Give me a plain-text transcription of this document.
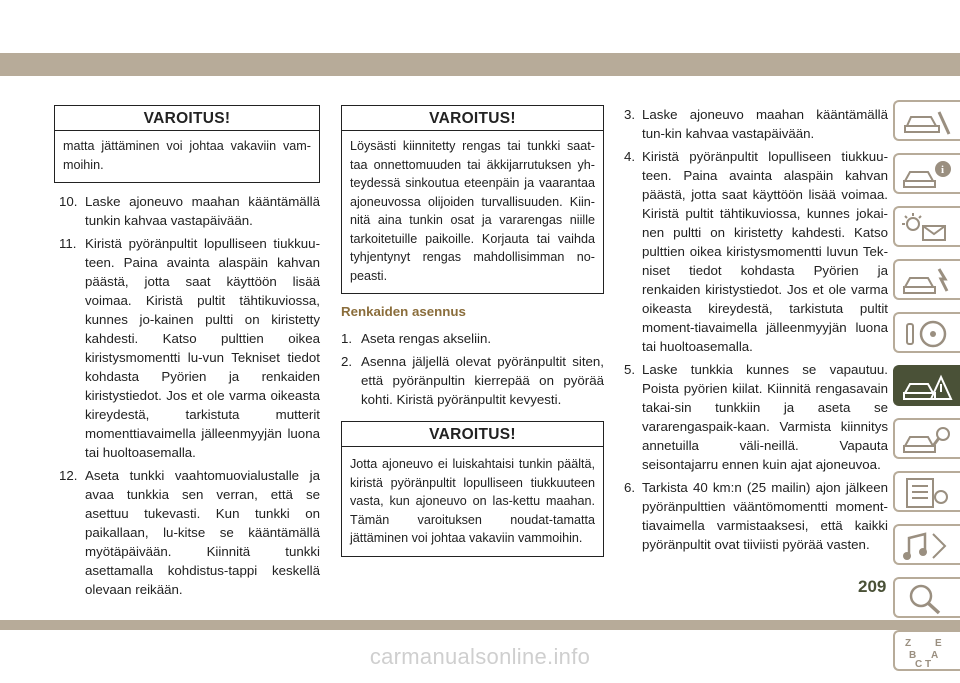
VAROITUS!
matta jättäminen voi johtaa vakaviin vam-moihin.
10. Laske ajoneuvo maahan kääntämällä tunkin kahvaa vastapäivään.
11. Kiristä pyöränpultit lopulliseen tiukkuu-teen. Paina avainta alaspäin kahvan päästä, jotta saat käyttöön lisää voimaa. Kiristä pultit tähtikuviossa, kunnes jo-kainen pultti on kiristetty kahdesti. Katso pulttien oikea kiristysmomentti lu-vun Tekniset tiedot kohdasta Pyörien ja renkaiden kiristystiedot. Jos et ole varma oikeasta kireydestä, tarkistuta mutterit momenttiavaimella jälleenmyyjän luona tai huoltoasemalla.
12. Aseta tunkki vaahtomuovialustalle ja avaa tunkkia sen verran, että se asettuu tukevasti. Kun tunkki on paikallaan, lu-kitse se kääntämällä myötäpäivään. Kiinnitä tunkki asettamalla kohdistus-tappi keskellä olevaan reikään.
VAROITUS!
Löysästi kiinnitetty rengas tai tunkki saat-taa onnettomuuden tai äkkijarrutuksen yh-teydessä sinkoutua eteenpäin ja vaarantaa ajoneuvossa olijoiden turvallisuuden. Kiin-nitä aina tunkin osat ja vararengas niille tarkoitetuille paikoille. Korjauta tai vaihda tyhjentynyt rengas mahdollisimman no-peasti.
Renkaiden asennus
1. Aseta rengas akseliin.
2. Asenna jäljellä olevat pyöränpultit siten, että pyöränpultin kierrepää on pyörää kohti. Kiristä pyöränpultit kevyesti.
VAROITUS!
Jotta ajoneuvo ei luiskahtaisi tunkin päältä, kiristä pyöränpultit lopulliseen tiukkuuteen vasta, kun ajoneuvo on las-kettu maahan. Tämän varoituksen noudat-tamatta jättäminen voi johtaa vakaviin vammoihin.
3. Laske ajoneuvo maahan kääntämällä tun-kin kahvaa vastapäivään.
4. Kiristä pyöränpultit lopulliseen tiukkuu-teen. Paina avainta alaspäin kahvan päästä, jotta saat käyttöön lisää voimaa. Kiristä pultit tähtikuviossa, kunnes jokai-nen pultti on kiristetty kahdesti. Katso pulttien oikea kiristysmomentti luvun Tek-niset tiedot kohdasta Pyörien ja renkaiden kiristystiedot. Jos et ole varma oikeasta kireydestä, tarkistuta pultit moment-tiavaimella jälleenmyyjän luona tai huoltoasemalla.
5. Laske tunkkia kunnes se vapautuu. Poista pyörien kiilat. Kiinnitä rengasavain takai-sin tunkkiin ja aseta se vararengaspaik-kaan. Varmista kiinnitys annetuilla väli-neillä. Vapauta seisontajarru ennen kuin ajat ajoneuvoa.
6. Tarkista 40 km:n (25 mailin) ajon jälkeen pyöränpulttien vääntömomentti moment-tiavaimella varmistaaksesi, että kaikki pyöränpultit ovat tiiviisti pyörää vasten.
i
Z E
B A
C T
209
carmanualsonline.info
